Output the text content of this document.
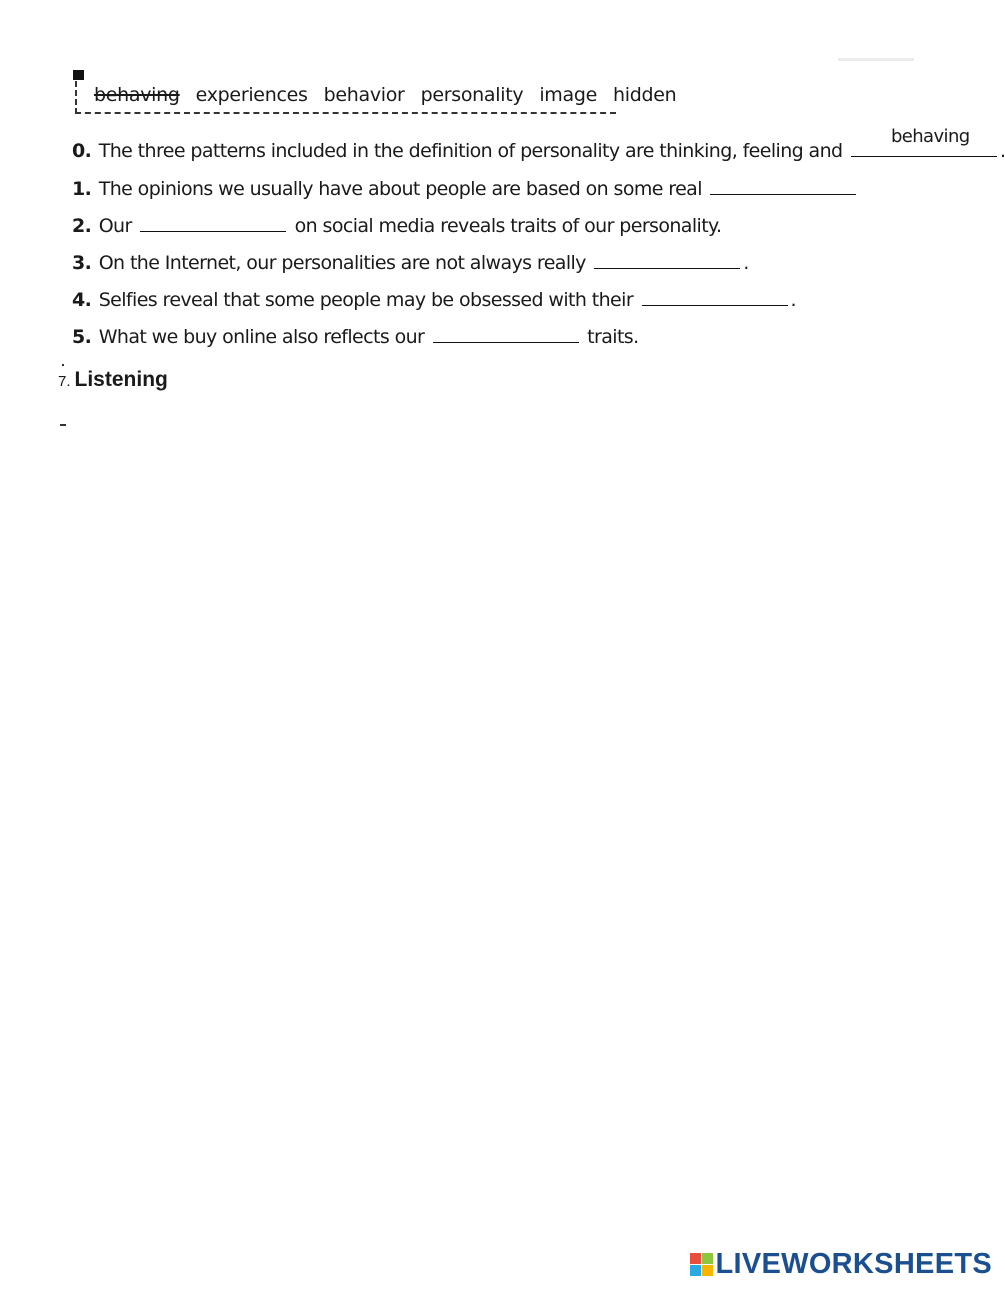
behaving experiences behavior personality image hidden
0. The three patterns included in the definition of personality are thinking, feeling and
behaving
.
1. The opinions we usually have about people are based on some real
2. Our	on social media reveals traits of our personality.
3. On the Internet, our personalities are not always really	.
4. Selfies reveal that some people may be obsessed with their	.
5. What we buy online also reflects our	traits.
7. Listening
LIVEWORKSHEETS
